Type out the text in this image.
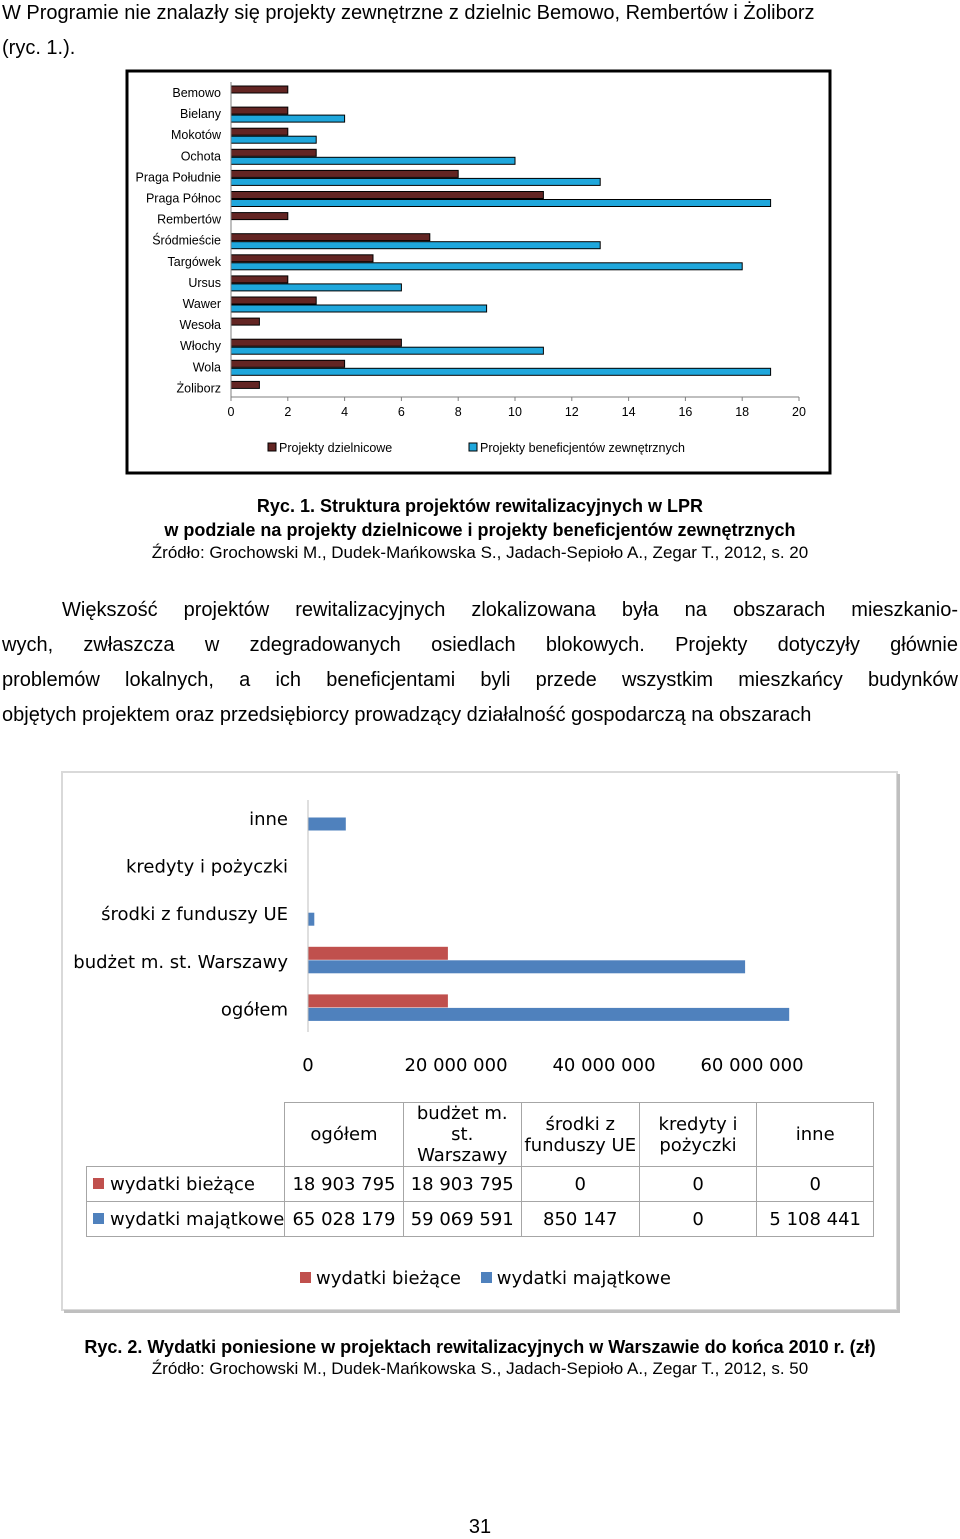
W Programie nie znalazły się projekty zewnętrzne z dzielnic Bemowo, Rembertów i Żoliborz
(ryc. 1.).
0	2	4	6	8	10	12	14	16	18	20
Bemowo
Bielany
Mokotów
Ochota
Praga Południe
Praga Północ
Rembertów
Śródmieście
Targówek
Ursus
Wawer
Wesoła
Włochy
Wola
Żoliborz
Projekty dzielnicowe	Projekty beneficjentów zewnętrznych
Ryc. 1. Struktura projektów rewitalizacyjnych w LPR
w podziale na projekty dzielnicowe i projekty beneficjentów zewnętrznych
Źródło: Grochowski M., Dudek-Mańkowska S., Jadach-Sepioło A., Zegar T., 2012, s. 20
Większość projektów rewitalizacyjnych zlokalizowana była na obszarach mieszkanio-
wych, zwłaszcza w zdegradowanych osiedlach blokowych. Projekty dotyczyły głównie
problemów lokalnych, a ich beneficjentami byli przede wszystkim mieszkańcy budynków
objętych projektem oraz przedsiębiorcy prowadzący działalność gospodarczą na obszarach
0	20 000 000 40 000 000 60 000 000
ogółem
budżet m. st. Warszawy
środki z funduszy UE
kredyty i pożyczki
inne
	ogółem	budżet m. st. Warszawy	środki z funduszy UE	kredyty i pożyczki	inne
wydatki bieżące	18 903 795	18 903 795	0	0	0
wydatki majątkowe	65 028 179	59 069 591	850 147	0	5 108 441
wydatki bieżące wydatki majątkowe
Ryc. 2. Wydatki poniesione w projektach rewitalizacyjnych w Warszawie do końca 2010 r. (zł)
Źródło: Grochowski M., Dudek-Mańkowska S., Jadach-Sepioło A., Zegar T., 2012, s. 50
31
